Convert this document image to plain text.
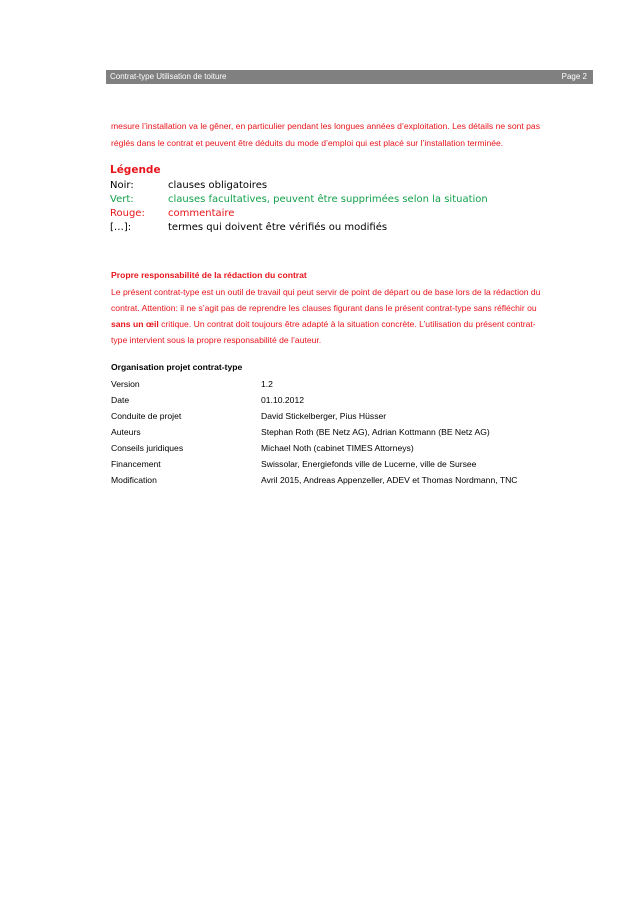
Contrat-type Utilisation de toiture	Page 2
mesure l’installation va le gêner, en particulier pendant les longues années d’exploitation. Les détails ne sont pas
réglés dans le contrat et peuvent être déduits du mode d’emploi qui est placé sur l’installation terminée.
Légende
Noir:	clauses obligatoires
Vert:	clauses facultatives, peuvent être supprimées selon la situation
Rouge: commentaire
[…]:	termes qui doivent être vérifiés ou modifiés
Propre responsabilité de la rédaction du contrat
Le présent contrat-type est un outil de travail qui peut servir de point de départ ou de base lors de la rédaction du
contrat. Attention: il ne s’agit pas de reprendre les clauses figurant dans le présent contrat-type sans réfléchir ou
sans un œil critique. Un contrat doit toujours être adapté à la situation concrète. L’utilisation du présent contrat-
type intervient sous la propre responsabilité de l’auteur.
Organisation projet contrat-type
Version	1.2
Date	01.10.2012
Conduite de projet	David Stickelberger, Pius Hüsser
Auteurs	Stephan Roth (BE Netz AG), Adrian Kottmann (BE Netz AG)
Conseils juridiques	Michael Noth (cabinet TIMES Attorneys)
Financement	Swissolar, Energiefonds ville de Lucerne, ville de Sursee
Modification	Avril 2015, Andreas Appenzeller, ADEV et Thomas Nordmann, TNC
